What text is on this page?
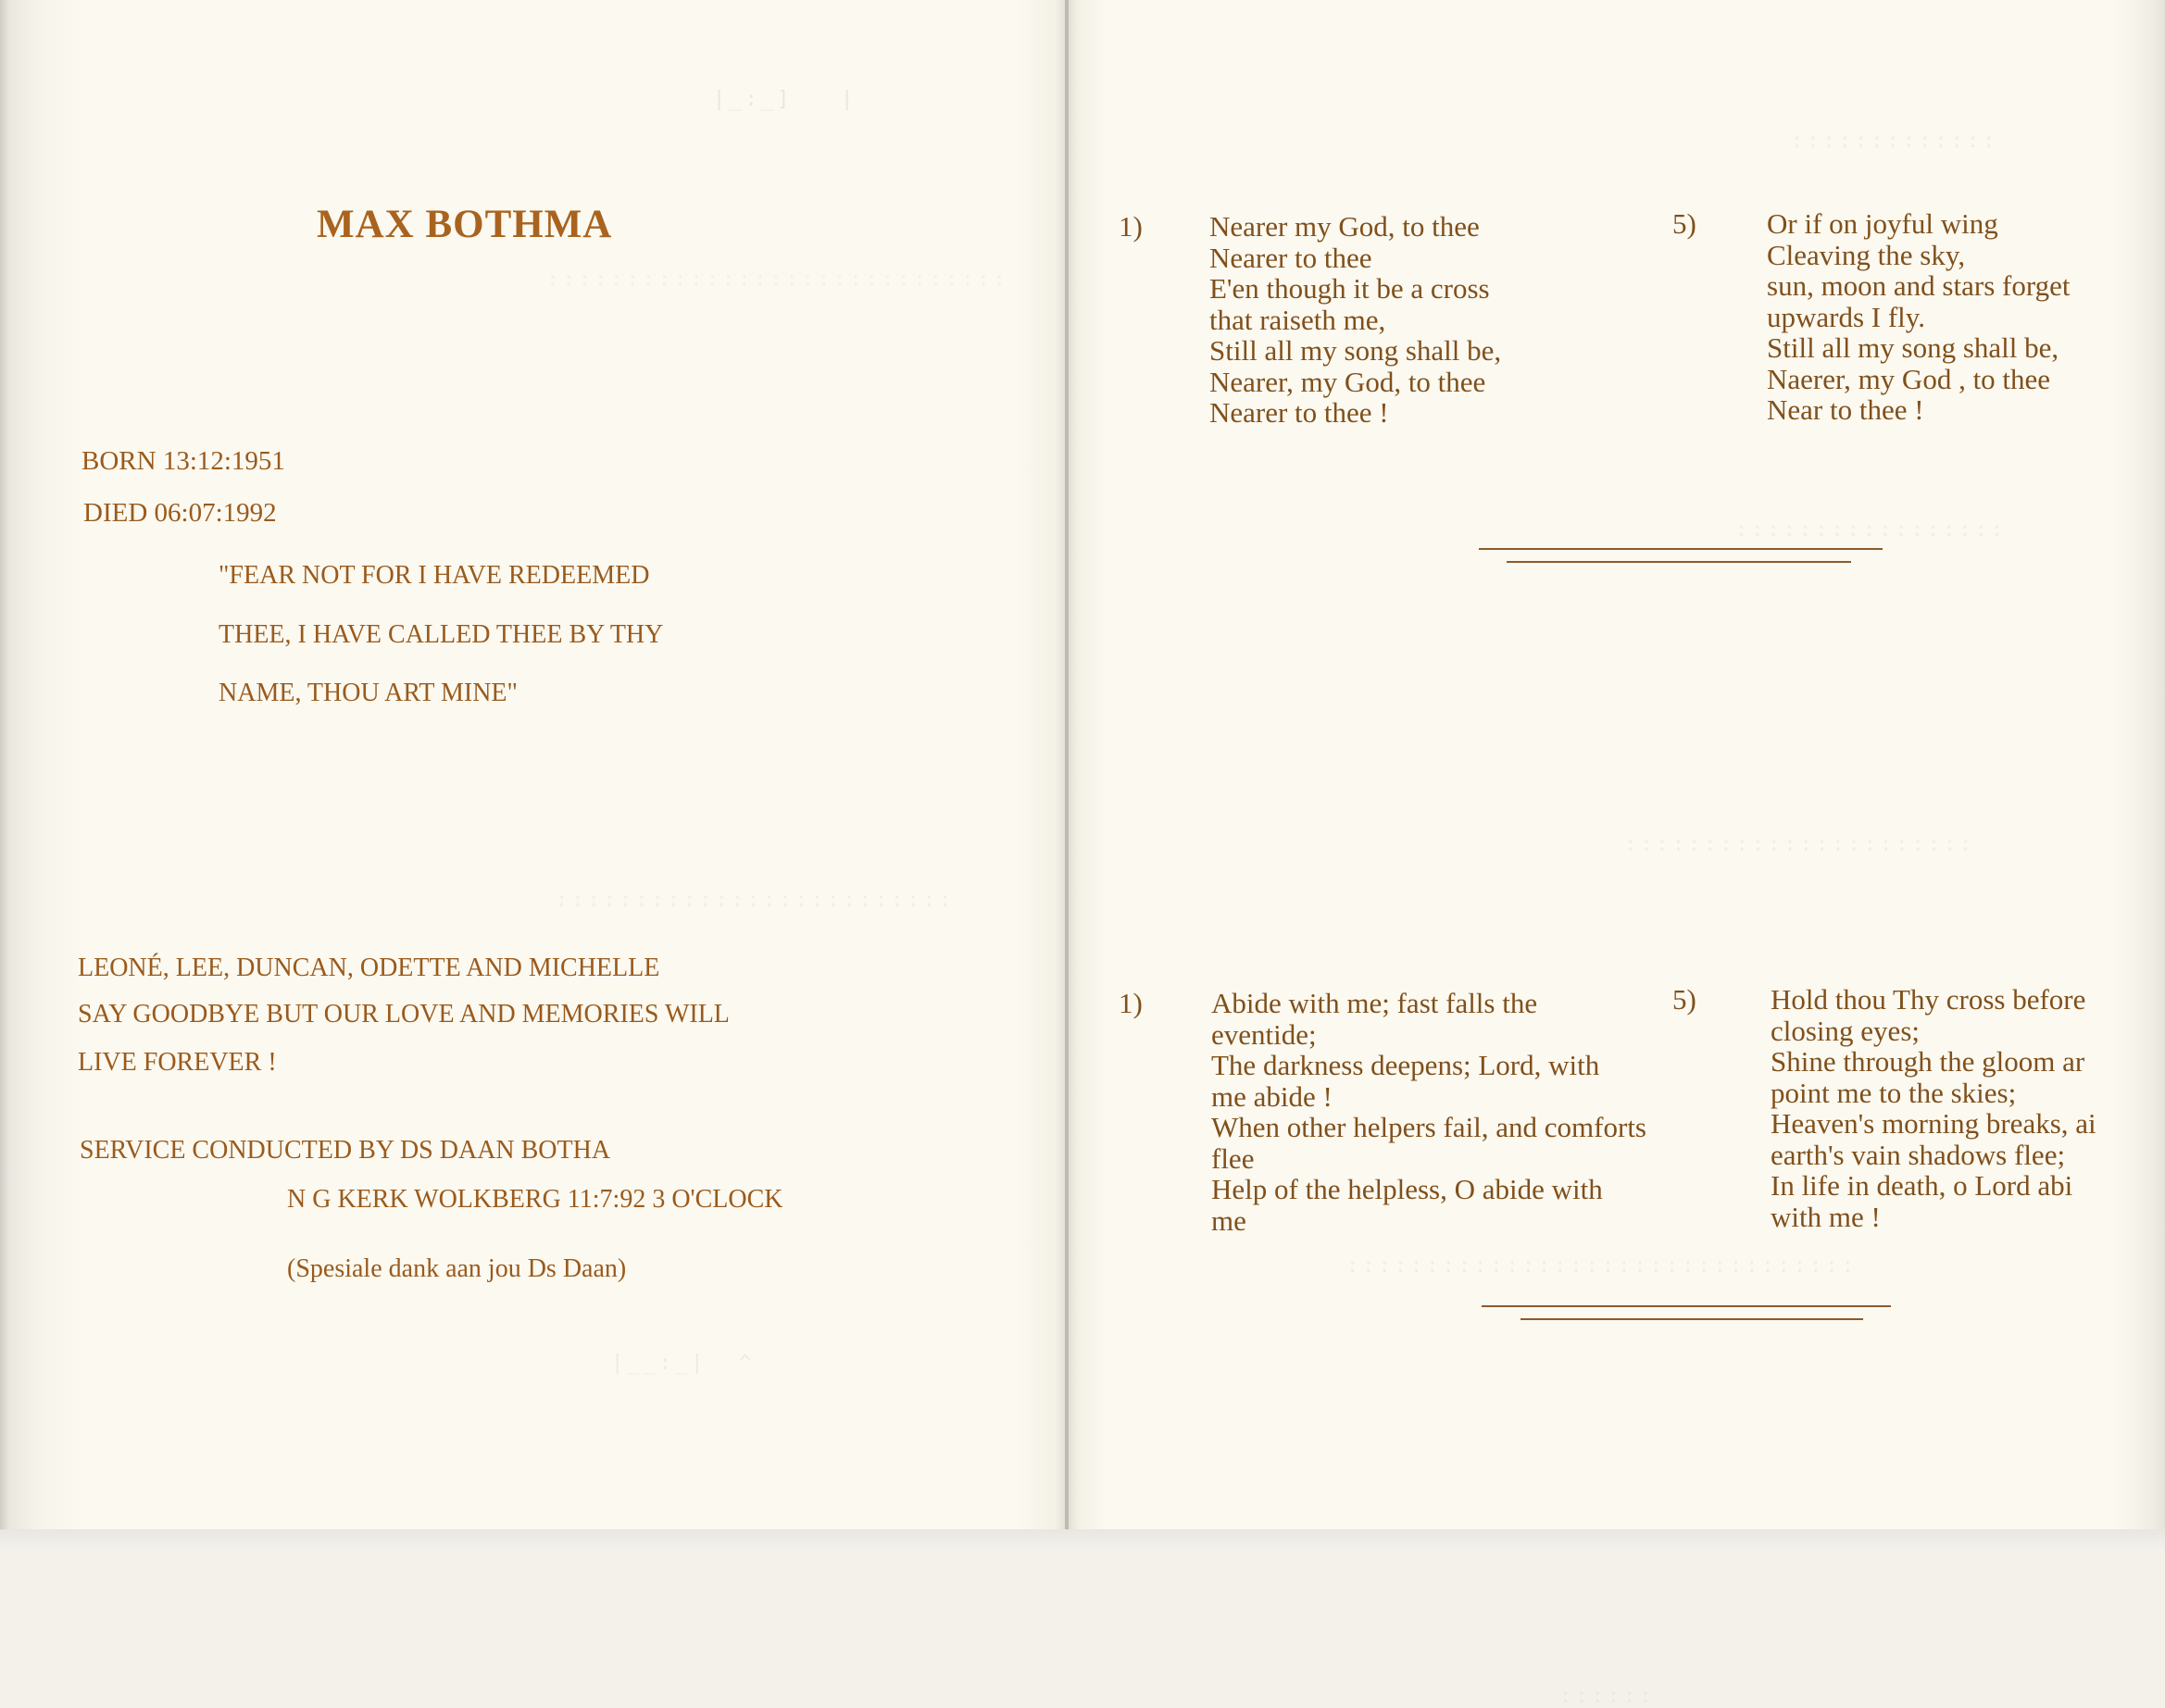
|_:_]   |
:::::::::::::::::::::::::::::
:::::::::::::::::::::::::
|__:_|  ^
MAX BOTHMA
BORN 13:12:1951
DIED 06:07:1992
"FEAR NOT FOR I HAVE REDEEMED
THEE, I HAVE CALLED THEE BY THY
NAME, THOU ART MINE"
LEONÉ, LEE, DUNCAN, ODETTE AND MICHELLE
SAY GOODBYE BUT OUR LOVE AND MEMORIES WILL
LIVE FOREVER !
SERVICE CONDUCTED BY DS DAAN BOTHA
N G KERK WOLKBERG 11:7:92 3 O'CLOCK
(Spesiale dank aan jou Ds Daan)
:::::::::::::
:::::::::::::::::
::::::::::::::::::::::
::::::::::::::::::::::::::::::::
::::::
1) Nearer my God, to thee
Nearer to thee
E'en though it be a cross
that raiseth me,
Still all my song shall be,
Nearer, my God, to thee
Nearer to thee !
5) Or if on joyful wing
Cleaving the sky,
sun, moon and stars forget
upwards I fly.
Still all my song shall be,
Naerer, my God , to thee
Near to thee !
1) Abide with me; fast falls the
eventide;
The darkness deepens; Lord, with
me abide !
When other helpers fail, and comforts
flee
Help of the helpless, O abide with
me
5)	Hold thou Thy cross before
closing eyes;
Shine through the gloom ar
point me to the skies;
Heaven's morning breaks, ai
earth's vain shadows flee;
In life in death, o Lord abi
with me !
